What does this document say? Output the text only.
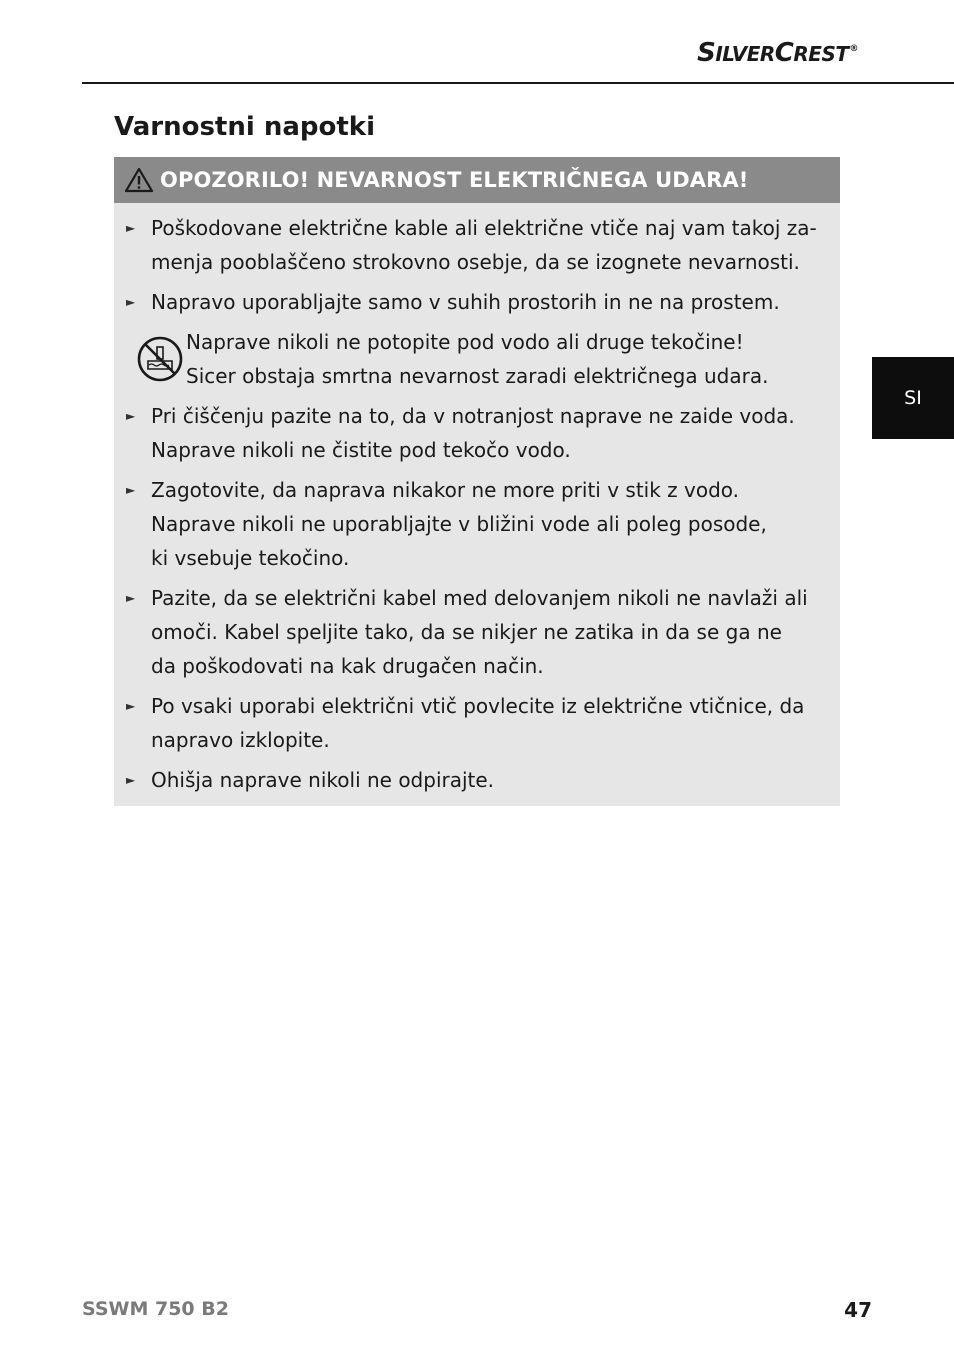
SILVERCREST®
Varnostni napotki
OPOZORILO! NEVARNOST ELEKTRIČNEGA UDARA!
► Poškodovane električne kable ali električne vtiče naj vam takoj za-
menja pooblaščeno strokovno osebje, da se izognete nevarnosti.
► Napravo uporabljajte samo v suhih prostorih in ne na prostem.
Naprave nikoli ne potopite pod vodo ali druge tekočine!
Sicer obstaja smrtna nevarnost zaradi električnega udara.
► Pri čiščenju pazite na to, da v notranjost naprave ne zaide voda.
Naprave nikoli ne čistite pod tekočo vodo.
► Zagotovite, da naprava nikakor ne more priti v stik z vodo.
Naprave nikoli ne uporabljajte v bližini vode ali poleg posode,
ki vsebuje tekočino.
► Pazite, da se električni kabel med delovanjem nikoli ne navlaži ali
omoči. Kabel speljite tako, da se nikjer ne zatika in da se ga ne
da poškodovati na kak drugačen način.
► Po vsaki uporabi električni vtič povlecite iz električne vtičnice, da
napravo izklopite.
► Ohišja naprave nikoli ne odpirajte.
SI
SSWM 750 B2	47
